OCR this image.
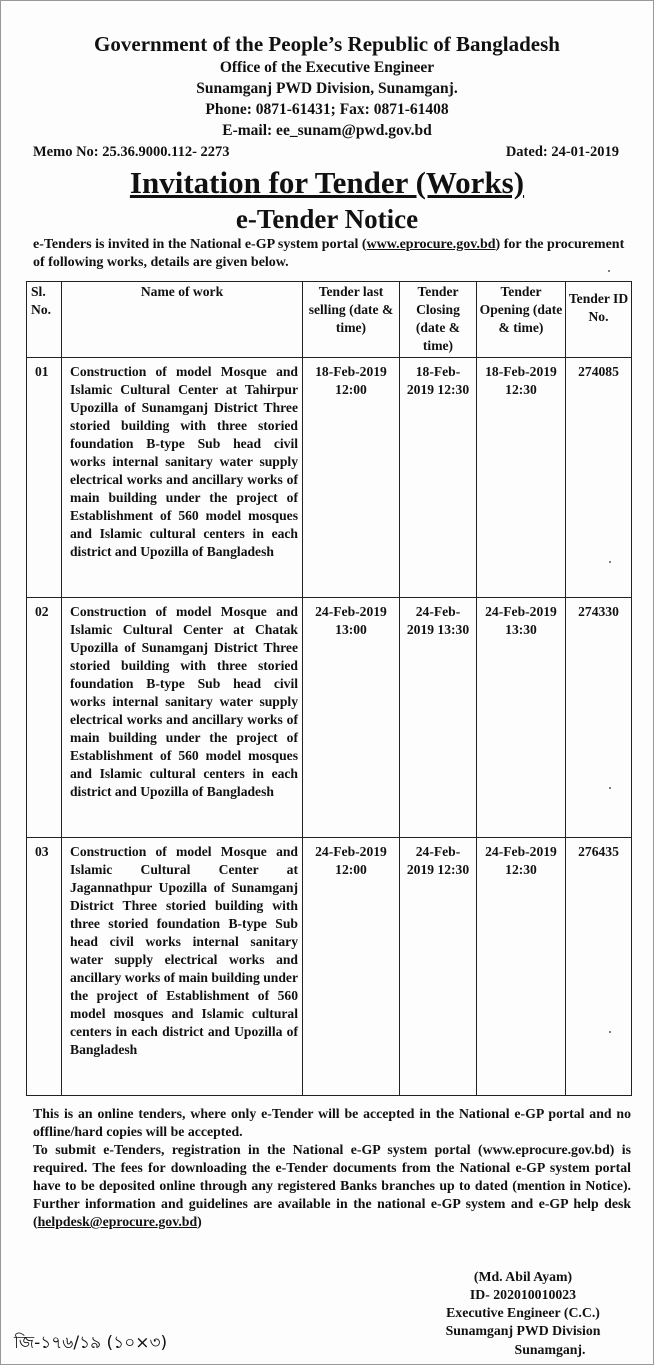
Government of the People’s Republic of Bangladesh
Office of the Executive Engineer
Sunamganj PWD Division, Sunamganj.
Phone: 0871-61431; Fax: 0871-61408
E-mail: ee_sunam@pwd.gov.bd
Memo No: 25.36.9000.112- 2273	Dated: 24-01-2019
Invitation for Tender (Works)
e-Tender Notice
e-Tenders is invited in the National e-GP system portal (www.eprocure.gov.bd) for the procurement of following works, details are given below.
Sl. No.	Name of work	Tender last selling (date & time)	Tender Closing (date & time)	Tender Opening (date & time)	Tender ID No.
01	Construction of model Mosque and Islamic Cultural Center at Tahirpur Upozilla of Sunamganj District Three storied building with three storied foundation B-type Sub head civil works internal sanitary water supply electrical works and ancillary works of main building under the project of Establishment of 560 model mosques and Islamic cultural centers in each district and Upozilla of Bangladesh	18-Feb-2019 12:00	18-Feb-2019 12:30	18-Feb-2019 12:30	274085
02	Construction of model Mosque and Islamic Cultural Center at Chatak Upozilla of Sunamganj District Three storied building with three storied foundation B-type Sub head civil works internal sanitary water supply electrical works and ancillary works of main building under the project of Establishment of 560 model mosques and Islamic cultural centers in each district and Upozilla of Bangladesh	24-Feb-2019 13:00	24-Feb-2019 13:30	24-Feb-2019 13:30	274330
03	Construction of model Mosque and Islamic Cultural Center at Jagannathpur Upozilla of Sunamganj District Three storied building with three storied foundation B-type Sub head civil works internal sanitary water supply electrical works and ancillary works of main building under the project of Establishment of 560 model mosques and Islamic cultural centers in each district and Upozilla of Bangladesh	24-Feb-2019 12:00	24-Feb-2019 12:30	24-Feb-2019 12:30	276435

This is an online tenders, where only e-Tender will be accepted in the National e-GP portal and no offline/hard copies will be accepted.

To submit e-Tenders, registration in the National e-GP system portal (www.eprocure.gov.bd) is required. The fees for downloading the e-Tender documents from the National e-GP system portal have to be deposited online through any registered Banks branches up to dated (mention in Notice). Further information and guidelines are available in the national e-GP system and e-GP help desk (helpdesk@eprocure.gov.bd)

(Md. Abil Ayam)
ID- 202010010023
Executive Engineer (C.C.)
Sunamganj PWD Division
Sunamganj.
জি-১৭৬/১৯ (১০×৩)
